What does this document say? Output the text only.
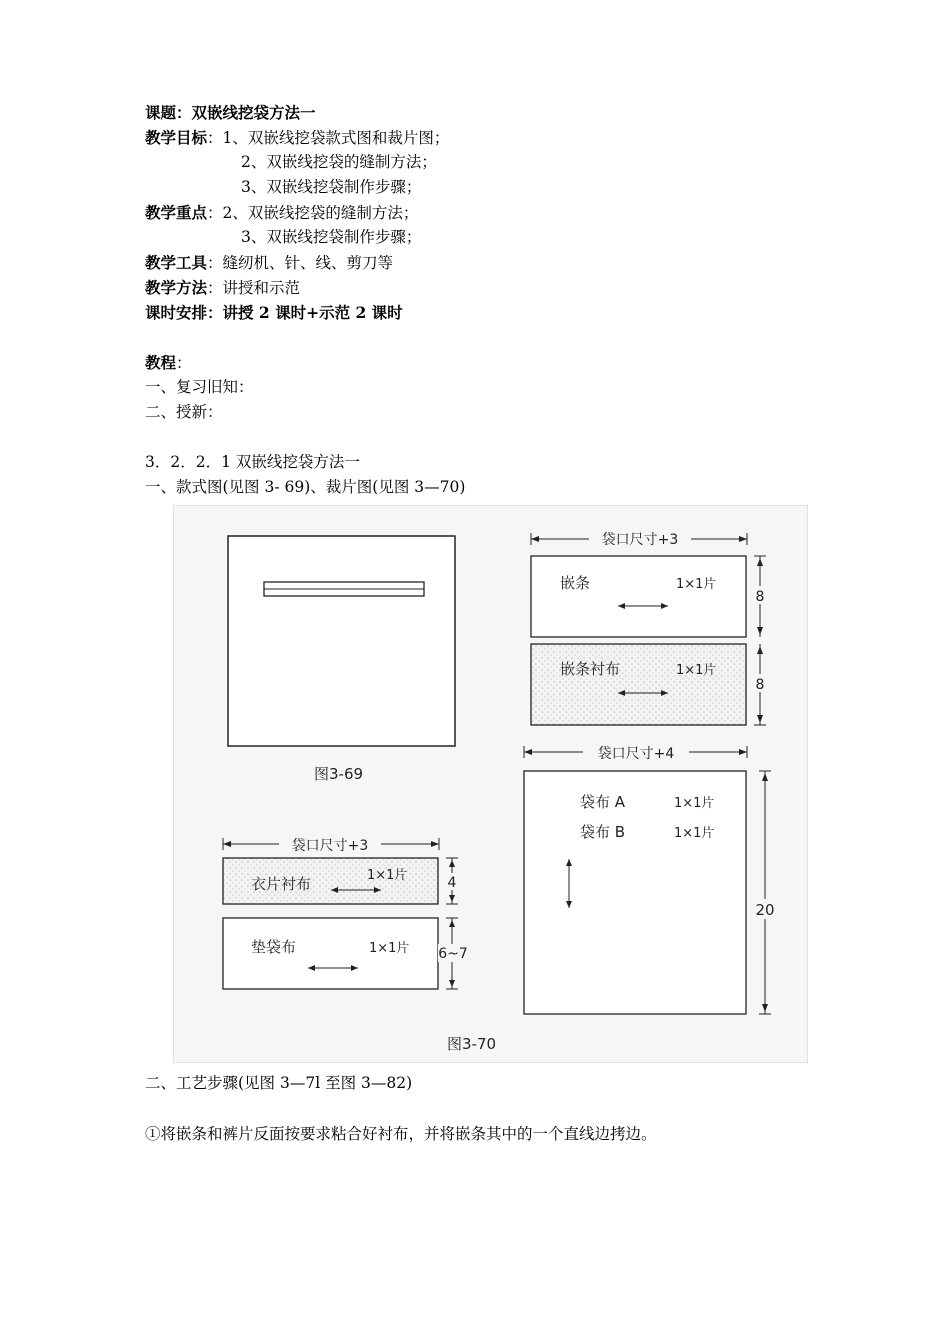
课题：双嵌线挖袋方法一
教学目标：1、双嵌线挖袋款式图和裁片图；
2、双嵌线挖袋的缝制方法；
3、双嵌线挖袋制作步骤；
教学重点：2、双嵌线挖袋的缝制方法；
3、双嵌线挖袋制作步骤；
教学工具：缝纫机、针、线、剪刀等
教学方法：讲授和示范
课时安排：讲授 2 课时+示范 2 课时
教程：
一、复习旧知：
二、授新：
3．2．2．1 双嵌线挖袋方法一
一、款式图(见图 3- 69)、裁片图(见图 3—70)
图3-69
袋口尺寸+3
嵌条	1×1片
8
嵌条衬布	1×1片
8
袋口尺寸+4
袋布 A	1×1片
袋布 B	1×1片
20
袋口尺寸+3
衣片衬布	1×1片	4
垫袋布	1×1片 6~7
图3-70
二、工艺步骤(见图 3—7l 至图 3—82)
①将嵌条和裤片反面按要求粘合好衬布，并将嵌条其中的一个直线边拷边。
